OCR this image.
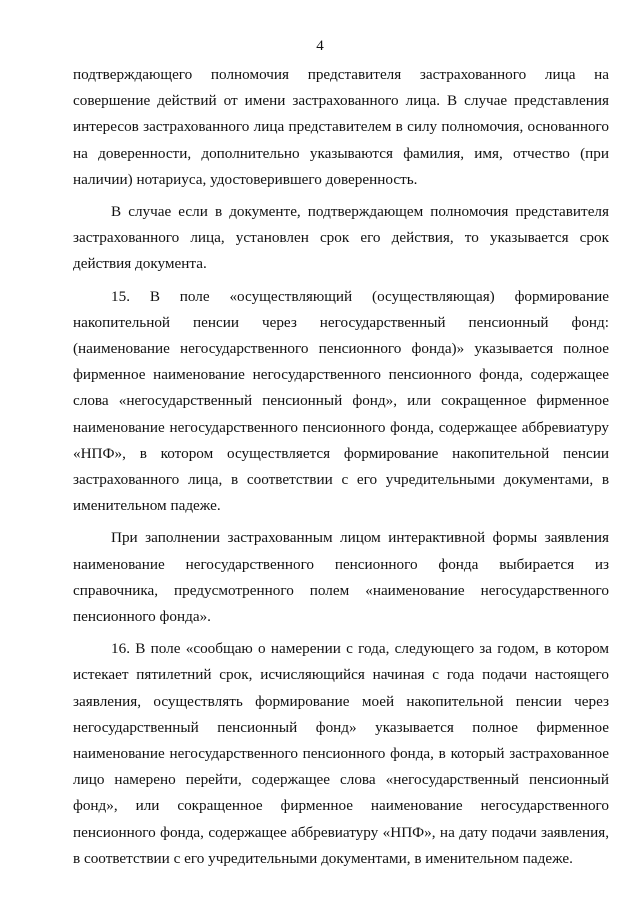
4

подтверждающего полномочия представителя застрахованного лица на совершение действий от имени застрахованного лица. В случае представления интересов застрахованного лица представителем в силу полномочия, основанного на доверенности, дополнительно указываются фамилия, имя, отчество (при наличии) нотариуса, удостоверившего доверенность.

В случае если в документе, подтверждающем полномочия представителя застрахованного лица, установлен срок его действия, то указывается срок действия документа.

15. В поле «осуществляющий (осуществляющая) формирование накопительной пенсии через негосударственный пенсионный фонд: (наименование негосударственного пенсионного фонда)» указывается полное фирменное наименование негосударственного пенсионного фонда, содержащее слова «негосударственный пенсионный фонд», или сокращенное фирменное наименование негосударственного пенсионного фонда, содержащее аббревиатуру «НПФ», в котором осуществляется формирование накопительной пенсии застрахованного лица, в соответствии с его учредительными документами, в именительном падеже.

При заполнении застрахованным лицом интерактивной формы заявления наименование негосударственного пенсионного фонда выбирается из справочника, предусмотренного полем «наименование негосударственного пенсионного фонда».

16. В поле «сообщаю о намерении с года, следующего за годом, в котором истекает пятилетний срок, исчисляющийся начиная с года подачи настоящего заявления, осуществлять формирование моей накопительной пенсии через негосударственный пенсионный фонд» указывается полное фирменное наименование негосударственного пенсионного фонда, в который застрахованное лицо намерено перейти, содержащее слова «негосударственный пенсионный фонд», или сокращенное фирменное наименование негосударственного пенсионного фонда, содержащее аббревиатуру «НПФ», на дату подачи заявления, в соответствии с его учредительными документами, в именительном падеже.
